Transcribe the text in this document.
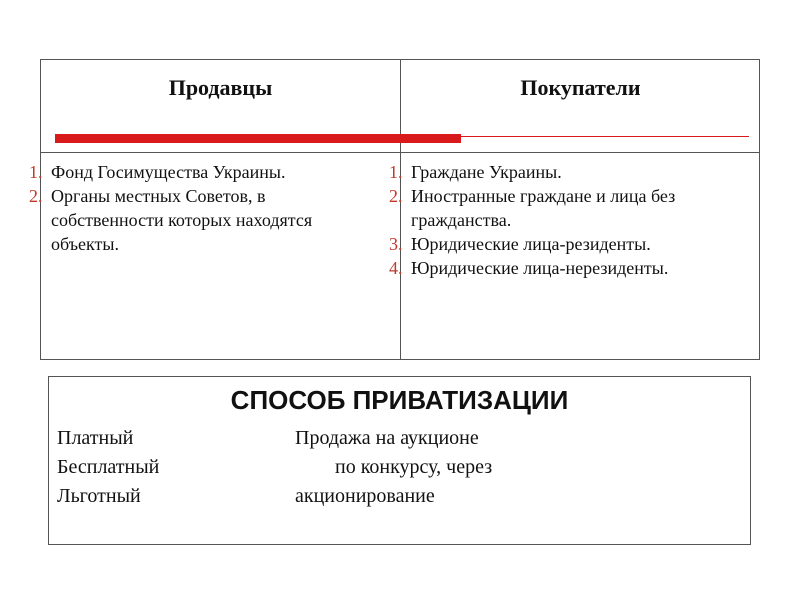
Продавцы	Покупатели
1. Фонд Госимущества Украины.
2. Органы местных Советов, в собственности которых находятся объекты.
1. Граждане Украины.
2. Иностранные граждане и лица без гражданства.
3. Юридические лица-резиденты.
4. Юридические лица-нерезиденты.
СПОСОБ ПРИВАТИЗАЦИИ
Платный	Продажа на аукционе
Бесплатный	по конкурсу, через
Льготный	акционирование
